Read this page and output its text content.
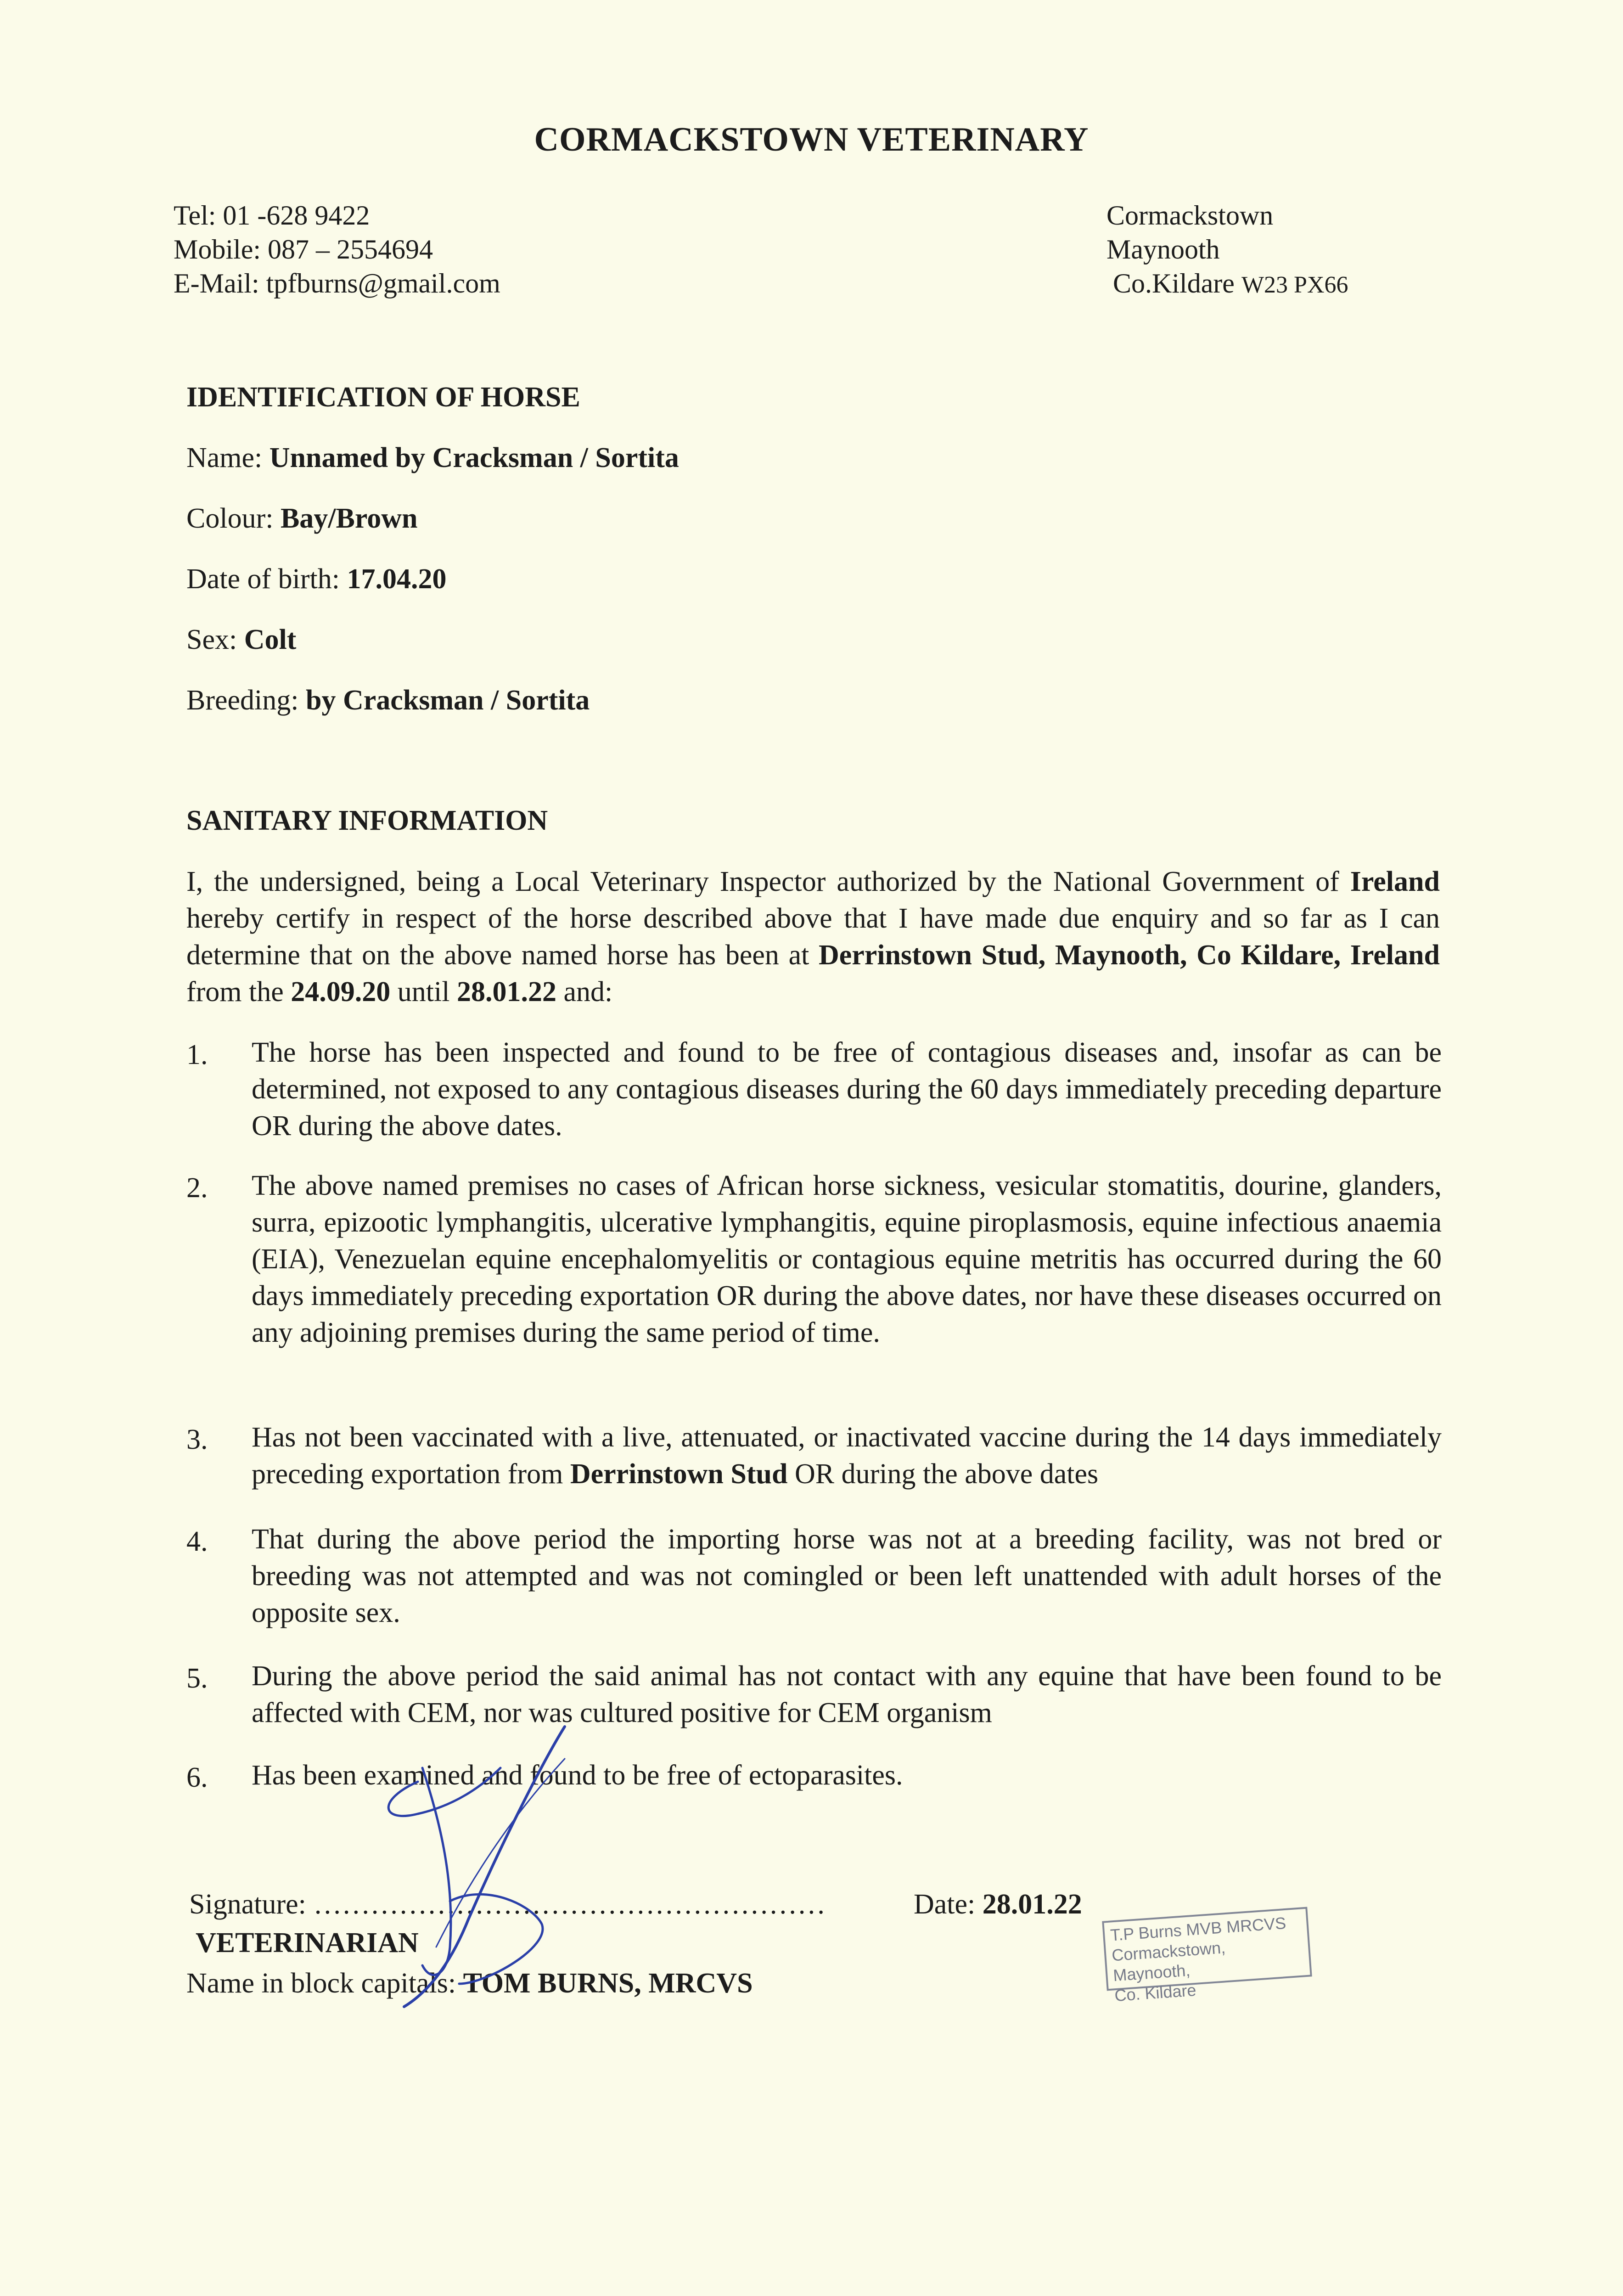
CORMACKSTOWN VETERINARY
Tel: 01 -628 9422
Mobile: 087 – 2554694
E-Mail: tpfburns@gmail.com
Cormackstown
Maynooth
Co.Kildare W23 PX66
IDENTIFICATION OF HORSE
Name: Unnamed by Cracksman / Sortita
Colour: Bay/Brown
Date of birth: 17.04.20
Sex: Colt
Breeding: by Cracksman / Sortita
SANITARY INFORMATION
I, the undersigned, being a Local Veterinary Inspector authorized by the National Government of Ireland hereby certify in respect of the horse described above that I have made due enquiry and so far as I can determine that on the above named horse has been at Derrinstown Stud, Maynooth, Co Kildare, Ireland from the 24.09.20 until 28.01.22 and:
1. The horse has been inspected and found to be free of contagious diseases and, insofar as can be determined, not exposed to any contagious diseases during the 60 days immediately preceding departure OR during the above dates.
2. The above named premises no cases of African horse sickness, vesicular stomatitis, dourine, glanders, surra, epizootic lymphangitis, ulcerative lymphangitis, equine piroplasmosis, equine infectious anaemia (EIA), Venezuelan equine encephalomyelitis or contagious equine metritis has occurred during the 60 days immediately preceding exportation OR during the above dates, nor have these diseases occurred on any adjoining premises during the same period of time.
3. Has not been vaccinated with a live, attenuated, or inactivated vaccine during the 14 days immediately preceding exportation from Derrinstown Stud OR during the above dates
4. That during the above period the importing horse was not at a breeding facility, was not bred or breeding was not attempted and was not comingled or been left unattended with adult horses of the opposite sex.
5. During the above period the said animal has not contact with any equine that have been found to be affected with CEM, nor was cultured positive for CEM organism
6. Has been examined and found to be free of ectoparasites.
Signature: ………………………………………………
VETERINARIAN
Name in block capitals: TOM BURNS, MRCVS
Date: 28.01.22
T.P Burns MVB MRCVS
Cormackstown, Maynooth,
Co. Kildare
